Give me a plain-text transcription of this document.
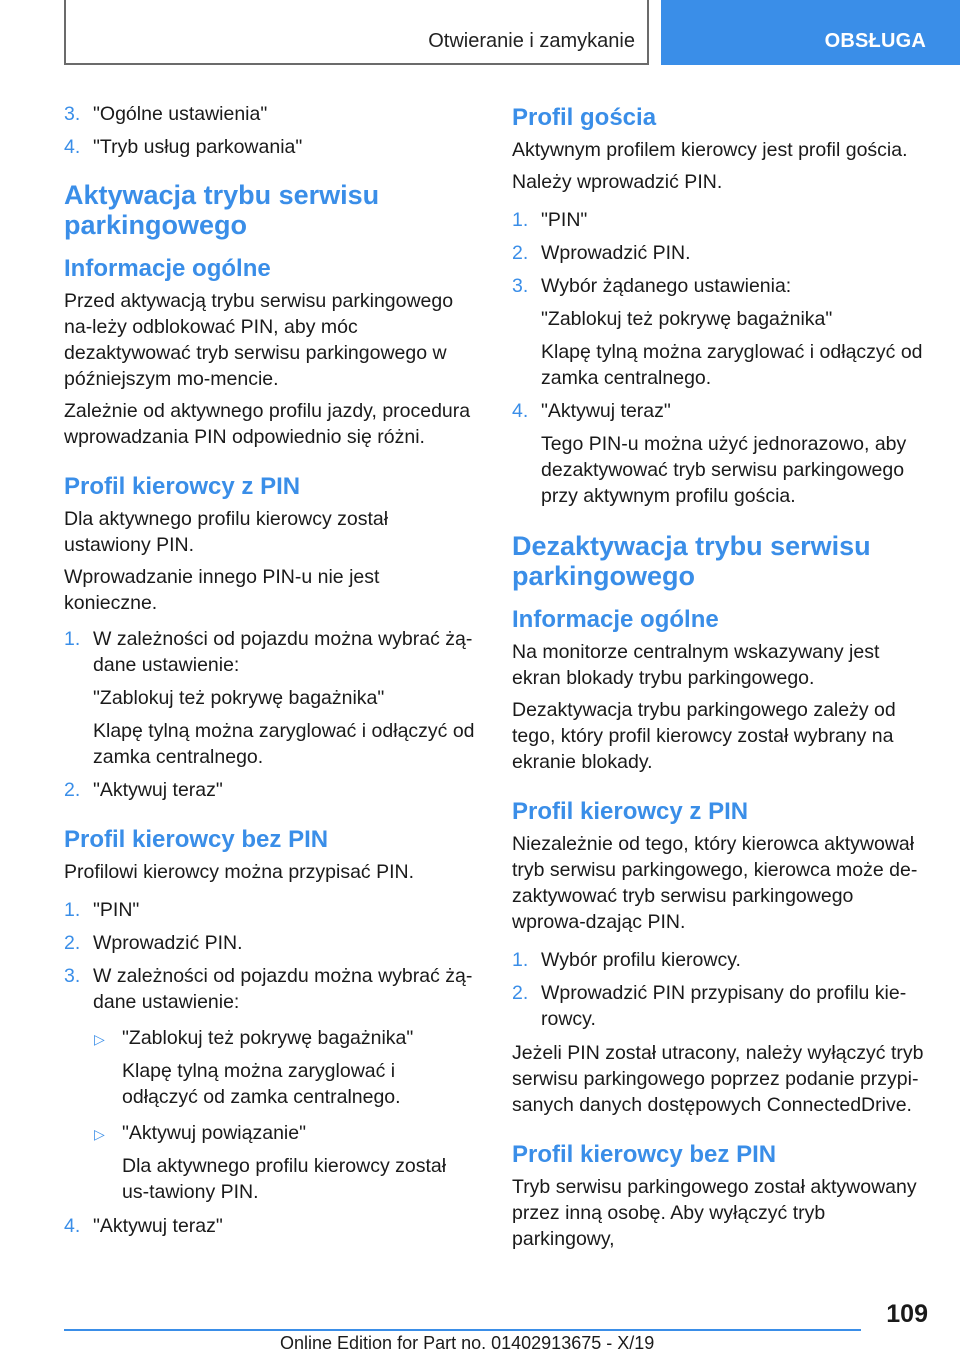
Otwieranie i zamykanie	OBSŁUGA
3. "Ogólne ustawienia"
4. "Tryb usług parkowania"
Aktywacja trybu serwisu parkingowego
Informacje ogólne

Przed aktywacją trybu serwisu parkingowego na-leży odblokować PIN, aby móc dezaktywować tryb serwisu parkingowego w późniejszym mo-mencie.

Zależnie od aktywnego profilu jazdy, procedura wprowadzania PIN odpowiednio się różni.

Profil kierowcy z PIN

Dla aktywnego profilu kierowcy został ustawiony PIN.

Wprowadzanie innego PIN-u nie jest konieczne.

1. W zależności od pojazdu można wybrać żą-dane ustawienie:
"Zablokuj też pokrywę bagażnika"
Klapę tylną można zaryglować i odłączyć od zamka centralnego.
2. "Aktywuj teraz"
Profil kierowcy bez PIN

Profilowi kierowcy można przypisać PIN.

1. "PIN"
2. Wprowadzić PIN.
3. W zależności od pojazdu można wybrać żą-dane ustawienie:
▷ "Zablokuj też pokrywę bagażnika"
Klapę tylną można zaryglować i odłączyć od zamka centralnego.
▷ "Aktywuj powiązanie"
Dla aktywnego profilu kierowcy został us-tawiony PIN.
4. "Aktywuj teraz"
Profil gościa

Aktywnym profilem kierowcy jest profil gościa.

Należy wprowadzić PIN.

1. "PIN"
2. Wprowadzić PIN.
3. Wybór żądanego ustawienia:
"Zablokuj też pokrywę bagażnika"
Klapę tylną można zaryglować i odłączyć od zamka centralnego.
4. "Aktywuj teraz"
Tego PIN-u można użyć jednorazowo, aby dezaktywować tryb serwisu parkingowego przy aktywnym profilu gościa.
Dezaktywacja trybu serwisu parkingowego
Informacje ogólne

Na monitorze centralnym wskazywany jest ekran blokady trybu parkingowego.

Dezaktywacja trybu parkingowego zależy od tego, który profil kierowcy został wybrany na ekranie blokady.

Profil kierowcy z PIN

Niezależnie od tego, który kierowca aktywował tryb serwisu parkingowego, kierowca może de-zaktywować tryb serwisu parkingowego wprowa-dzając PIN.

1. Wybór profilu kierowcy.
2. Wprowadzić PIN przypisany do profilu kie-rowcy.

Jeżeli PIN został utracony, należy wyłączyć tryb serwisu parkingowego poprzez podanie przypi-sanych danych dostępowych ConnectedDrive.

Profil kierowcy bez PIN

Tryb serwisu parkingowego został aktywowany przez inną osobę. Aby wyłączyć tryb parkingowy,

109
Online Edition for Part no. 01402913675 - X/19
